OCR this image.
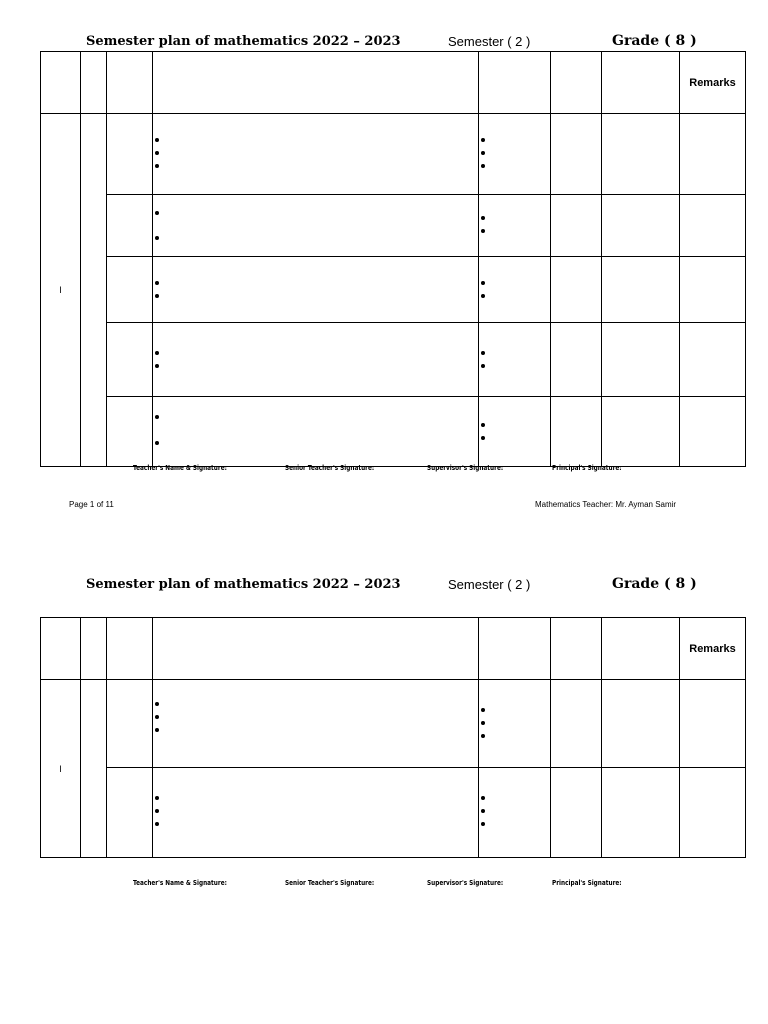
Semester plan of mathematics 2022 – 2023	Semester ( 2 )	Grade ( 8 )
							Remarks
I			

Teacher's Name & Signature:	Senior Teacher's Signature:	Supervisor's Signature:	Principal's Signature:
Page 1 of 11	Mathematics Teacher: Mr. Ayman Samir
Semester plan of mathematics 2022 – 2023	Semester ( 2 )	Grade ( 8 )
							Remarks
I			

Teacher's Name & Signature:	Senior Teacher's Signature:	Supervisor's Signature:	Principal's Signature:
